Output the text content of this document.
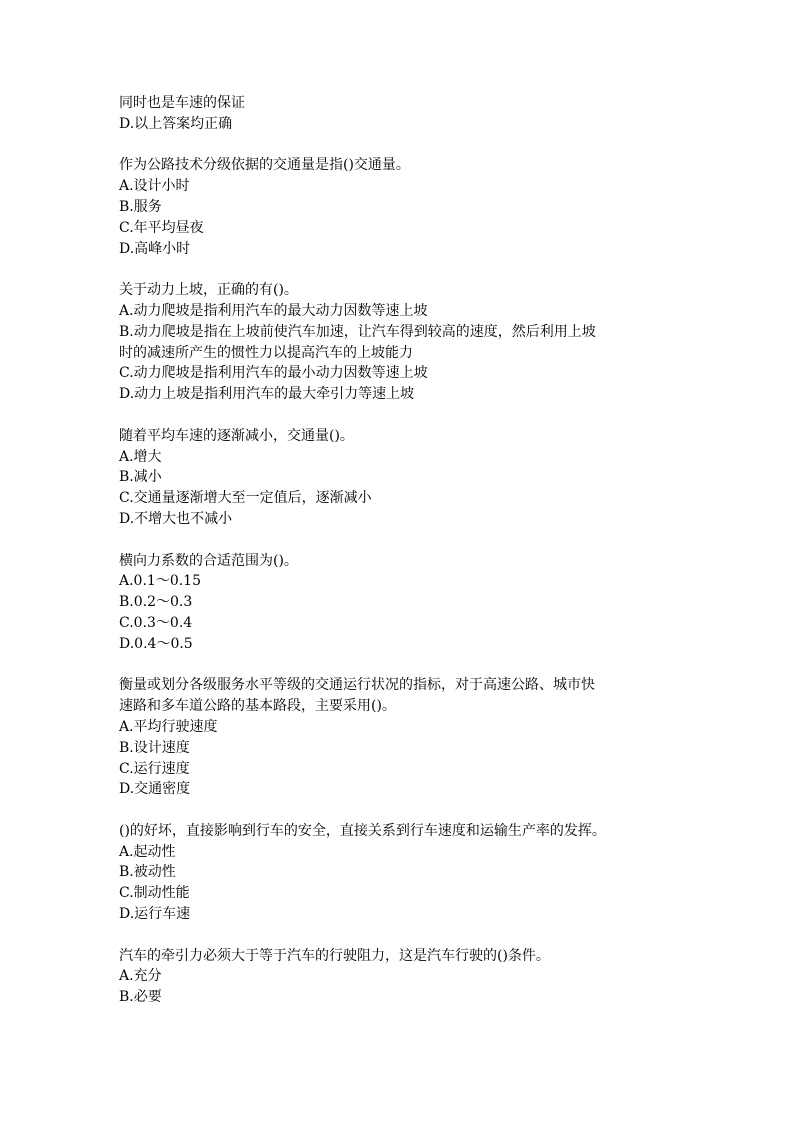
同时也是车速的保证
D.以上答案均正确
作为公路技术分级依据的交通量是指()交通量。
A.设计小时
B.服务
C.年平均昼夜
D.高峰小时
关于动力上坡，正确的有()。
A.动力爬坡是指利用汽车的最大动力因数等速上坡
B.动力爬坡是指在上坡前使汽车加速，让汽车得到较高的速度，然后利用上坡
时的减速所产生的惯性力以提高汽车的上坡能力
C.动力爬坡是指利用汽车的最小动力因数等速上坡
D.动力上坡是指利用汽车的最大牵引力等速上坡
随着平均车速的逐渐减小，交通量()。
A.增大
B.减小
C.交通量逐渐增大至一定值后，逐渐减小
D.不增大也不减小
横向力系数的合适范围为()。
A.0.1～0.15
B.0.2～0.3
C.0.3～0.4
D.0.4～0.5
衡量或划分各级服务水平等级的交通运行状况的指标，对于高速公路、城市快
速路和多车道公路的基本路段，主要采用()。
A.平均行驶速度
B.设计速度
C.运行速度
D.交通密度
()的好坏，直接影响到行车的安全，直接关系到行车速度和运输生产率的发挥。
A.起动性
B.被动性
C.制动性能
D.运行车速
汽车的牵引力必须大于等于汽车的行驶阻力，这是汽车行驶的()条件。
A.充分
B.必要
